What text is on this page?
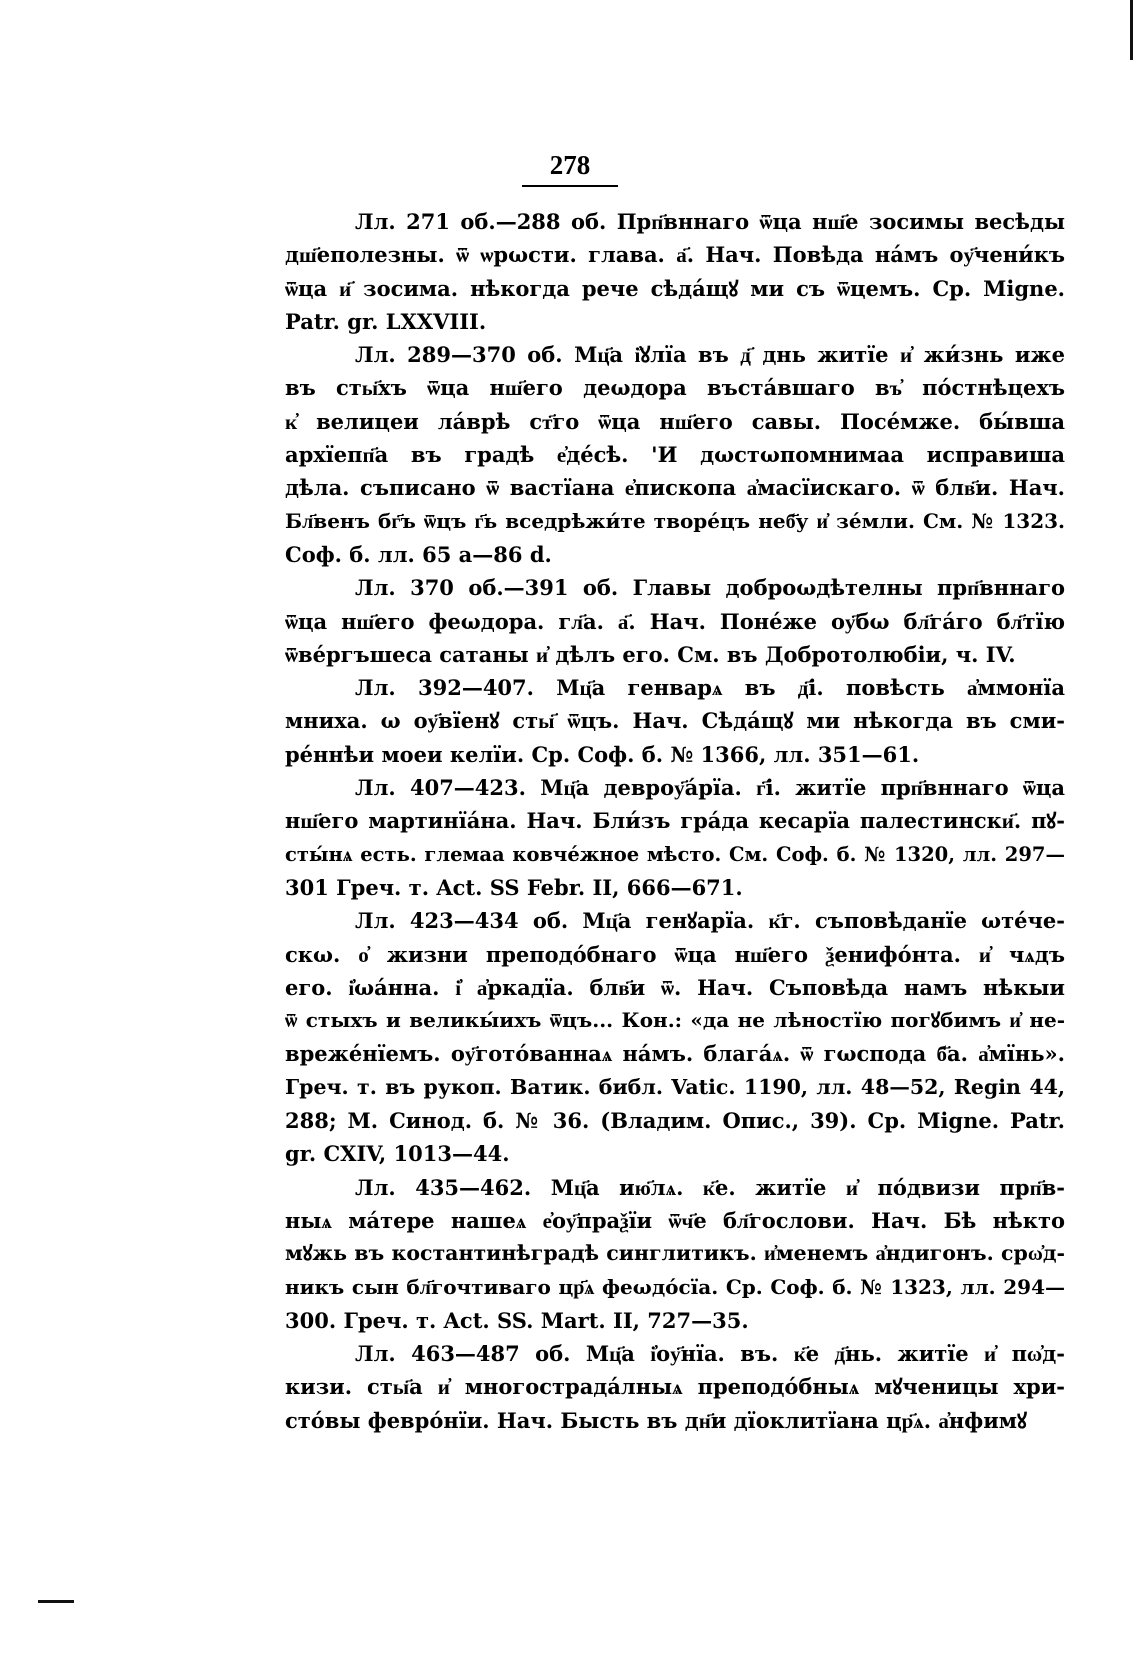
278

Лл. 271 об.—288 об. Прп҃вннаго ѿца нш҃е зосимы весѣды
дш҃еполезны. ѿ ѡрωсти. глава. а҃. Нач. Повѣда на́мъ оу҃чени́къ
ѿца и҃ зосима. нѣкогда рече сѣда́щꙋ ми съ ѿцемъ. Ср. Migne.
Patr. gr. LXXVIII.

Лл. 289—370 об. Мц҃а і҆ꙋлїа въ д҃ днь житїе и҆ жи́знь иже
въ сты҃хъ ѿца нш҃его деωдора въстáвшаго въ҆ пóстнѣцехъ
к҆ велицеи лáврѣ ст҃го ѿца нш҃его савы. Посéмже. бы́вша
архїепп҃а въ градѣ е҆дéсѣ. 'И дωстωпомнимаа исправиша
дѣла. съписано ѿ вастїана е҆пископа а҆масїискаго. ѿ блв҃и. Нач.
Бл҃венъ бг҃ъ ѿцъ г҃ь вседрѣжи́те творéцъ неб҃у и҆ зéмли. См. № 1323.
Соф. б. лл. 65 а—86 d.

Лл. 370 об.—391 об. Главы доброωдѣтелны прп҃вннаго
ѿца нш҃его феωдора. гл҃а. а҃. Нач. Понéже оу҃бω бл҃гáго бл҃тїю
ѿвéргъшеса сатаны и҆ дѣлъ его. См. въ Добротолюбіи, ч. IV.

Лл. 392—407. Мц҃а генварѧ въ д҃і. повѣсть а҆ммонїа
мниха. ω оу҃вїенꙋ сты҃ ѿцъ. Нач. Сѣдáщꙋ ми нѣкогда въ сми-
рéннѣи моеи келїи. Ср. Соф. б. № 1366, лл. 351—61.

Лл. 407—423. Мц҃а девроу҃áрїа. г҃і. житїе прп҃вннаго ѿца
нш҃его мартинїáна. Нач. Бли́зъ грáда кесарїа палестински҃. пꙋ-
сты́нѧ есть. глемаа ковчéжное мѣсто. См. Соф. б. № 1320, лл. 297—
301 Греч. т. Act. SS Febr. II, 666—671.

Лл. 423—434 об. Мц҃а генꙋарїа. к҃г. съповѣданїе ωтéче-
скω. о҆ жизни преподóбнаго ѿца нш҃его ѯенифóнта. и҆ чѧдъ
его. і҆ωáнна. і҆ а҆ркадїа. блв҃и ѿ. Нач. Съповѣда намъ нѣкыи
ѿ стыхъ и великы́ихъ ѿцъ... Кон.: «да не лѣностїю погꙋбимъ и҆ не-
врежéнїемъ. оу҃готóваннаѧ нáмъ. благáѧ. ѿ гωсподa б҃а. а҆мїнь».
Греч. т. въ рукоп. Ватик. библ. Vatic. 1190, лл. 48—52, Regin 44,
288; М. Синод. б. № 36. (Владим. Опис., 39). Ср. Migne. Patr.
gr. CXIV, 1013—44.

Лл. 435—462. Мц҃а ию҃лѧ. к҃е. житїе и҆ пóдвизи прп҃в-
ныѧ мáтере нашеѧ е҆оу҃праѯїи ѿч҃е бл҃гослови. Нач. Бѣ нѣкто
мꙋжь въ костантинѣградѣ синглитикъ. и҆менемъ а҆ндигонъ. срω҆д-
никъ сын бл҃гочтиваго цр҃ѧ феωдóсїа. Ср. Соф. б. № 1323, лл. 294—
300. Греч. т. Act. SS. Mart. II, 727—35.

Лл. 463—487 об. Мц҃а і҆оу҃нїа. въ. к҃е д҃нь. житїе и҆ пω҆д-
кизи. сты҃а и҆ многострадáлныѧ преподóбныѧ мꙋченицы хри-
стóвы феврóнїи. Нач. Бысть въ дн҃и дїоклитїана цр҃ѧ. а҆нфимꙋ
